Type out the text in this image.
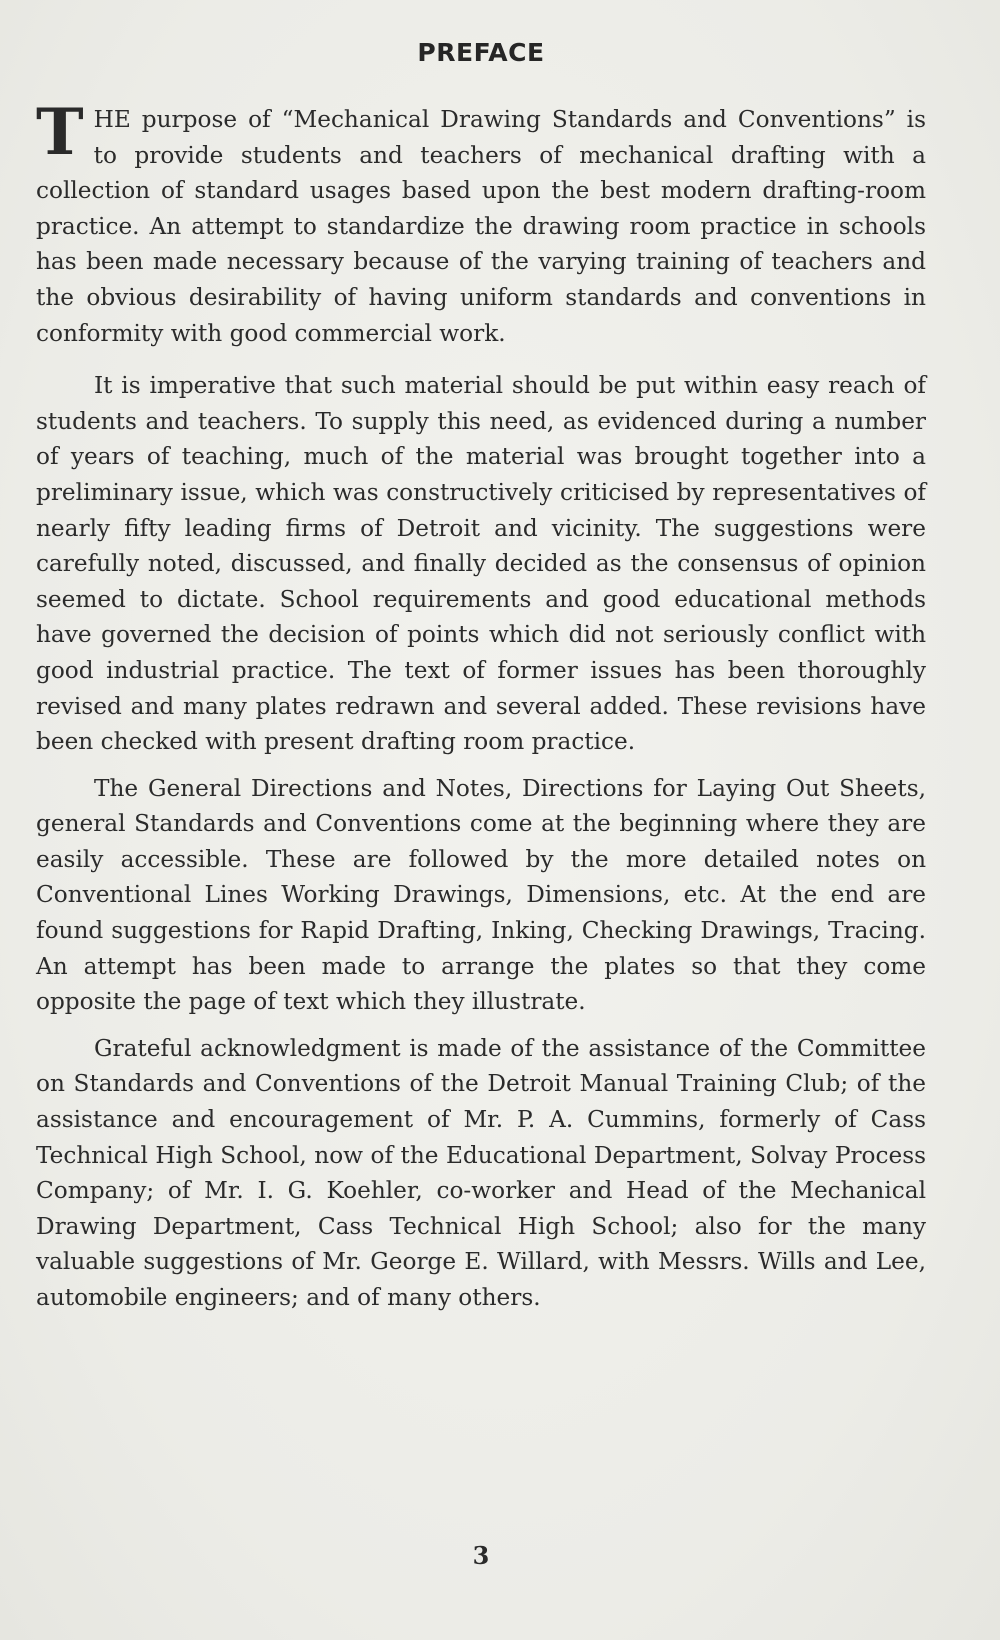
PREFACE

THE purpose of “Mechanical Drawing Standards and Conventions” is to provide students and teachers of mechanical drafting with a collection of standard usages based upon the best modern drafting-room practice. An attempt to standardize the drawing room practice in schools has been made necessary because of the varying training of teachers and the obvious desirability of having uniform standards and conventions in conformity with good commercial work.

It is imperative that such material should be put within easy reach of students and teachers. To supply this need, as evidenced during a number of years of teaching, much of the material was brought together into a preliminary issue, which was constructively criticised by representatives of nearly fifty leading firms of Detroit and vicinity. The suggestions were carefully noted, discussed, and finally decided as the consensus of opinion seemed to dictate. School requirements and good educational methods have governed the decision of points which did not seriously conflict with good industrial practice. The text of former issues has been thoroughly revised and many plates redrawn and several added. These revisions have been checked with present drafting room practice.

The General Directions and Notes, Directions for Laying Out Sheets, general Standards and Conventions come at the beginning where they are easily accessible. These are followed by the more detailed notes on Conventional Lines Working Drawings, Dimensions, etc. At the end are found suggestions for Rapid Drafting, Inking, Checking Drawings, Tracing. An attempt has been made to arrange the plates so that they come opposite the page of text which they illustrate.

Grateful acknowledgment is made of the assistance of the Committee on Standards and Conventions of the Detroit Manual Training Club; of the assistance and encouragement of Mr. P. A. Cummins, formerly of Cass Technical High School, now of the Educational Department, Solvay Process Company; of Mr. I. G. Koehler, co-worker and Head of the Mechanical Drawing Department, Cass Technical High School; also for the many valuable suggestions of Mr. George E. Willard, with Messrs. Wills and Lee, automobile engineers; and of many others.

3
